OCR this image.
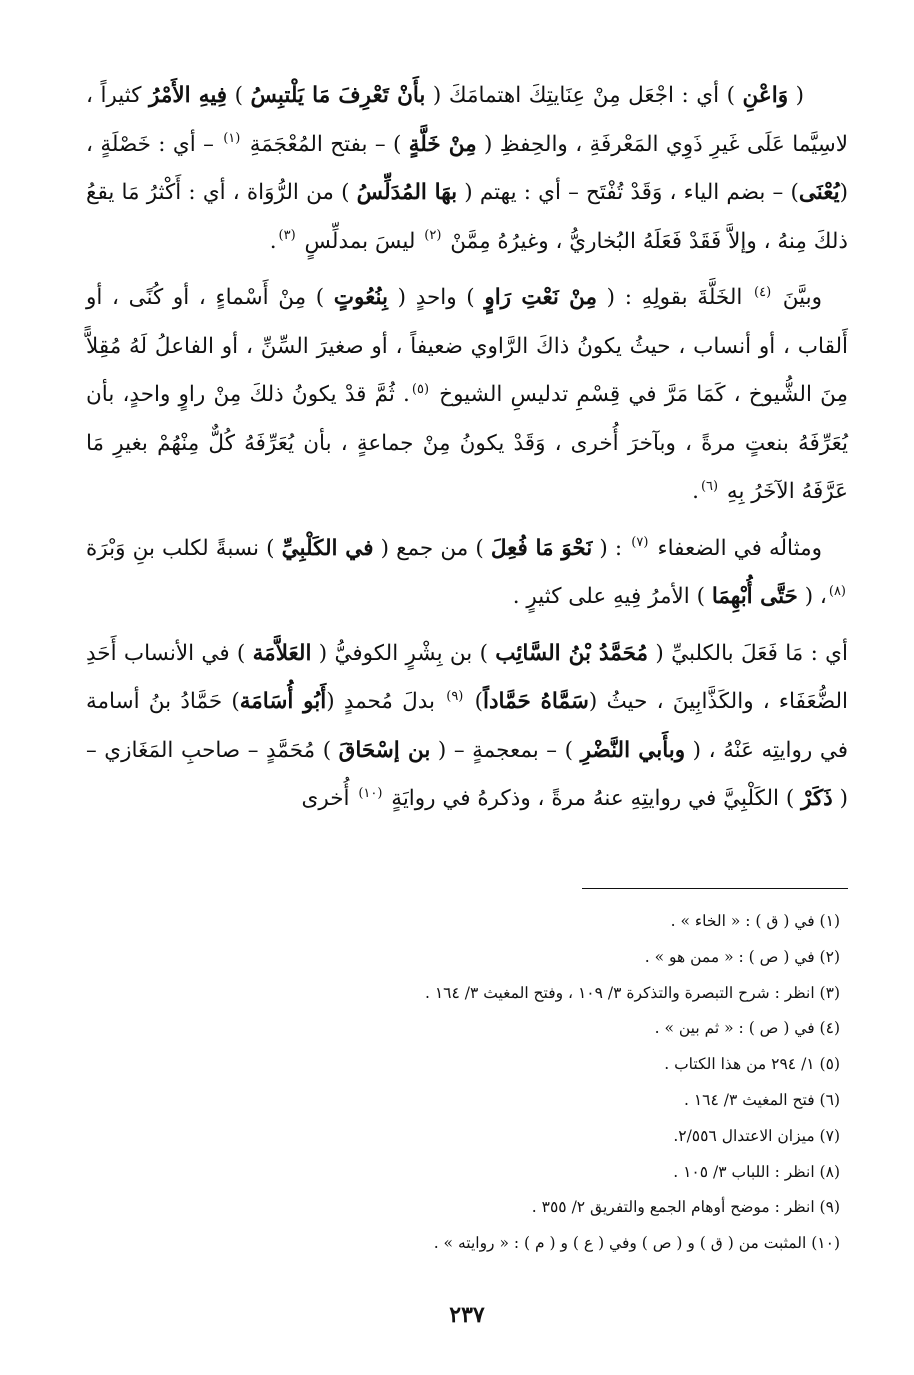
( وَاعْنِ ) أي : اجْعَل مِنْ عِنَايتِكَ اهتمامَكَ ( بأَنْ تَعْرِفَ مَا يَلْتبِسُ ) فِيهِ الأَمْرُ كثيراً ، لاسِيَّما عَلَى غَيرِ ذَوِي المَعْرفَةِ ، والحِفظِ ( مِنْ خَلَّةٍ ) – بفتح المُعْجَمَةِ $^{(١)}$ – أي : خَصْلَةٍ ، (يُعْنَى) – بضم الياء ، وَقَدْ تُفْتَح – أي : يهتم ( بهَا المُدَلِّسُ ) من الرُّوَاة ، أي : أَكْثرُ مَا يقعُ ذلكَ مِنهُ ، وإلاَّ فَقَدْ فَعَلَهُ البُخاريُّ ، وغيرُهُ مِمَّنْ $^{(٢)}$ ليسَ بمدلِّسٍ $^{(٣)}$.

وبيَّنَ $^{(٤)}$ الخَلَّةَ بقولِهِ : ( مِنْ نَعْتِ رَاوٍ ) واحدٍ ( بِنُعُوتٍ ) مِنْ أَسْماءٍ ، أو كُنًى ، أو أَلقاب ، أو أنساب ، حيثُ يكونُ ذاكَ الرَّاوي ضعيفاً ، أو صغيرَ السِّنِّ ، أو الفاعلُ لَهُ مُقِلاًّ مِنَ الشُّيوخ ، كَمَا مَرَّ في قِسْمِ تدليسِ الشيوخ $^{(٥)}$. ثُمَّ قدْ يكونُ ذلكَ مِنْ راوٍ واحدٍ، بأن يُعَرِّفَهُ بنعتٍ مرةً ، وبآخرَ أُخرى ، وَقَدْ يكونُ مِنْ جماعةٍ ، بأن يُعَرِّفَهُ كُلٌّ مِنْهُمْ بغيرِ مَا عَرَّفَهُ الآخَرُ بِهِ $^{(٦)}$.

ومثالُه في الضعفاء $^{(٧)}$ : ( نَحْوَ مَا فُعِلَ ) من جمع ( في الكَلْبِيِّ ) نسبةً لكلب بنِ وَبْرَة $^{(٨)}$، ( حَتَّى أُبْهِمَا ) الأمرُ فِيهِ على كثيرٍ .

أي : مَا فَعَلَ بالكلبيِّ ( مُحَمَّدُ بْنُ السَّائِب ) بن بِشْرٍ الكوفيُّ ( العَلاَّمَة ) في الأنساب أَحَدِ الضُّعَفَاء ، والكَذَّابِينَ ، حيثُ (سَمَّاهُ حَمَّاداً) $^{(٩)}$ بدلَ مُحمدٍ (أَبُو أُسَامَة) حَمَّادُ بنُ أسامة في روايتِه عَنْهُ ، ( وبأَبي النَّضْرِ ) – بمعجمةٍ – ( بن إسْحَاقَ ) مُحَمَّدٍ – صاحبِ المَغَازي – ( ذَكَرْ ) الكَلْبِيَّ في روايتِهِ عنهُ مرةً ، وذكرهُ في روايَةٍ $^{(١٠)}$ أُخرى

(١) في ( ق ) : « الخاء » .
(٢) في ( ص ) : « ممن هو » .
(٣) انظر : شرح التبصرة والتذكرة ٣/ ١٠٩ ، وفتح المغيث ٣/ ١٦٤ .
(٤) في ( ص ) : « ثم بين » .
(٥) ١/ ٢٩٤ من هذا الكتاب .
(٦) فتح المغيث ٣/ ١٦٤ .
(٧) ميزان الاعتدال ٢/٥٥٦.
(٨) انظر : اللباب ٣/ ١٠٥ .
(٩) انظر : موضح أوهام الجمع والتفريق ٢/ ٣٥٥ .
(١٠) المثبت من ( ق ) و ( ص ) وفي ( ع ) و ( م ) : « روايته » .
٢٣٧
